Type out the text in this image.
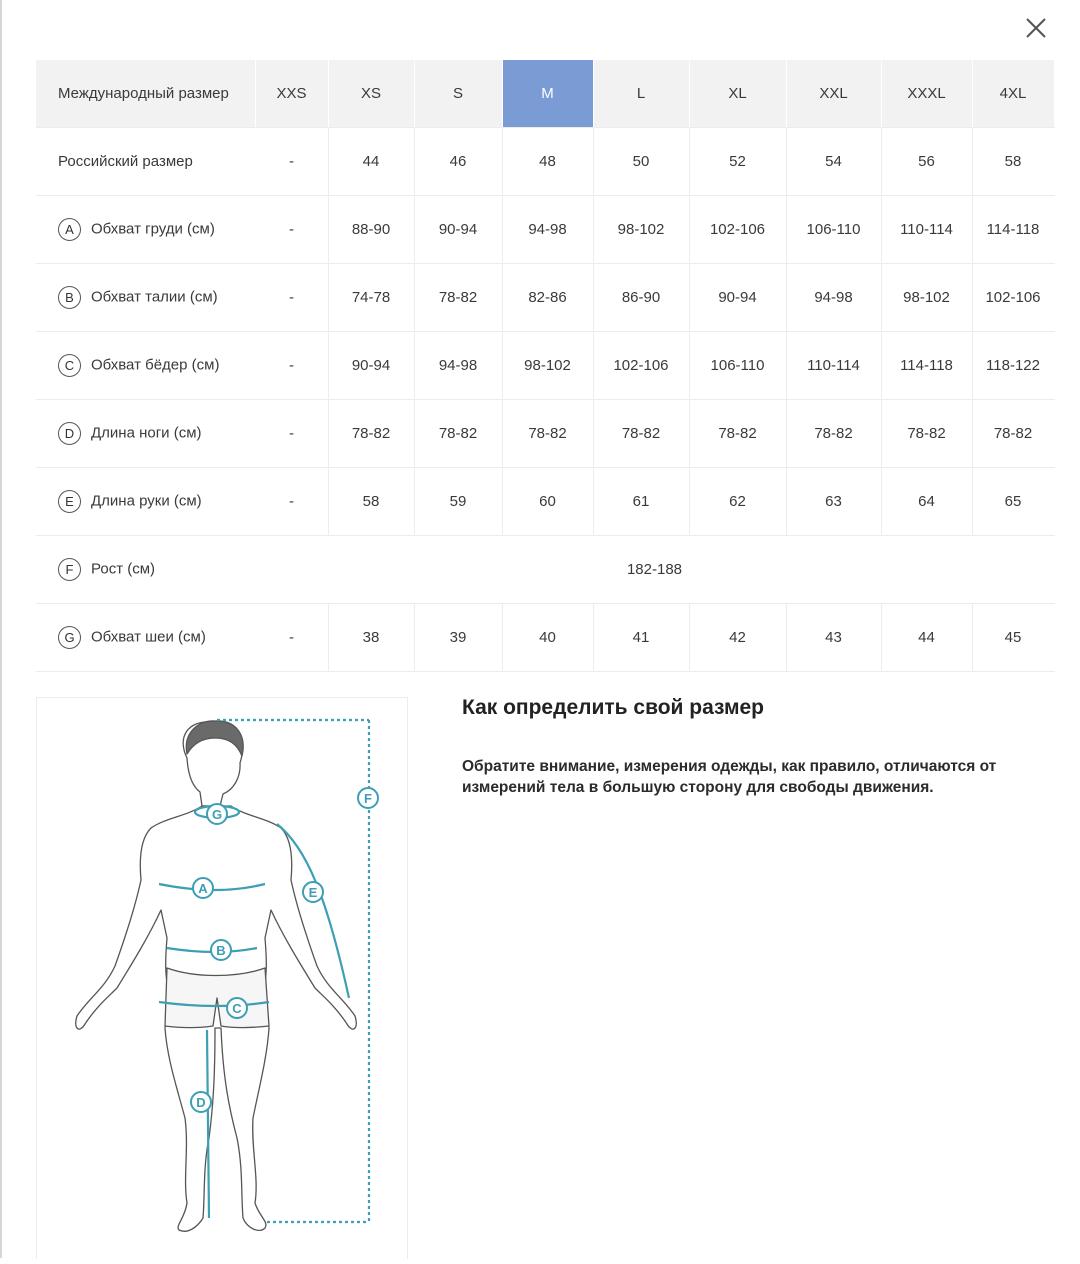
Международный размер	XXS	XS	S	M	L	XL	XXL	XXXL	4XL
Российский размер	-	44	46	48	50	52	54	56	58
A Обхват груди (см)	-	88-90	90-94	94-98	98-102	102-106	106-110	110-114	114-118
B Обхват талии (см)	-	74-78	78-82	82-86	86-90	90-94	94-98	98-102	102-106
C Обхват бёдер (см)	-	90-94	94-98	98-102	102-106	106-110	110-114	114-118	118-122
D Длина ноги (см)	-	78-82	78-82	78-82	78-82	78-82	78-82	78-82	78-82
E Длина руки (см)	-	58	59	60	61	62	63	64	65
F Рост (см)	182-188								
G Обхват шеи (см)	-	38	39	40	41	42	43	44	45
G
A
B
C
D
E
F
Как определить свой размер

Обратите внимание, измерения одежды, как правило, отличаются от измерений тела в большую сторону для свободы движения.
